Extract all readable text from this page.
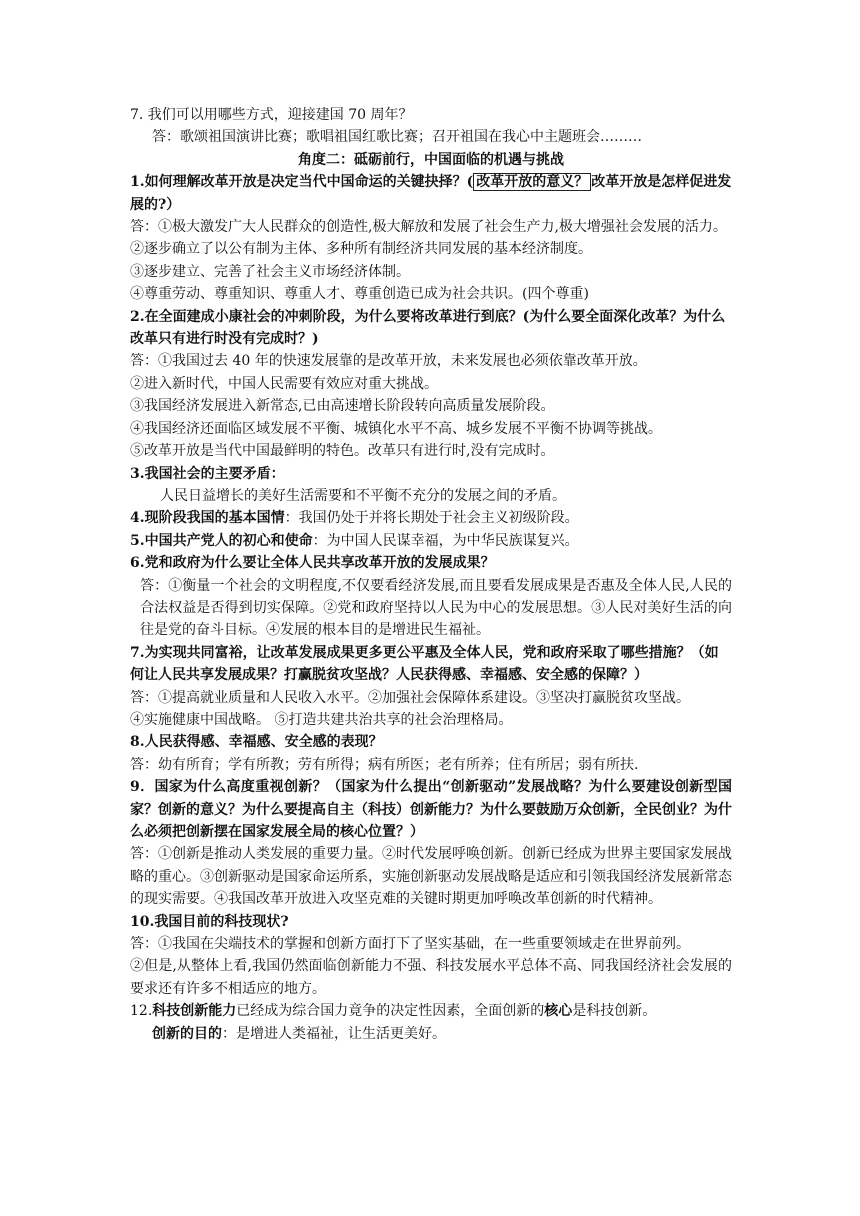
7. 我们可以用哪些方式，迎接建国 70 周年？

答：歌颂祖国演讲比赛；歌唱祖国红歌比赛；召开祖国在我心中主题班会………

角度二：砥砺前行，中国面临的机遇与挑战

1.如何理解改革开放是决定当代中国命运的关键抉择？( 改革开放的意义？ 改革开放是怎样促进发展的?）

答：①极大激发广大人民群众的创造性,极大解放和发展了社会生产力,极大增强社会发展的活力。

②逐步确立了以公有制为主体、多种所有制经济共同发展的基本经济制度。

③逐步建立、完善了社会主义市场经济体制。

④尊重劳动、尊重知识、尊重人才、尊重创造已成为社会共识。(四个尊重)

2.在全面建成小康社会的冲刺阶段，为什么要将改革进行到底？(为什么要全面深化改革？为什么改革只有进行时没有完成时？)

答：①我国过去 40 年的快速发展靠的是改革开放，未来发展也必须依靠改革开放。

②进入新时代，中国人民需要有效应对重大挑战。

③我国经济发展进入新常态,已由高速增长阶段转向高质量发展阶段。

④我国经济还面临区域发展不平衡、城镇化水平不高、城乡发展不平衡不协调等挑战。

⑤改革开放是当代中国最鲜明的特色。改革只有进行时,没有完成时。

3.我国社会的主要矛盾：

人民日益增长的美好生活需要和不平衡不充分的发展之间的矛盾。

4.现阶段我国的基本国情：我国仍处于并将长期处于社会主义初级阶段。

5.中国共产党人的初心和使命：为中国人民谋幸福，为中华民族谋复兴。

6.党和政府为什么要让全体人民共享改革开放的发展成果？

答：①衡量一个社会的文明程度,不仅要看经济发展,而且要看发展成果是否惠及全体人民,人民的合法权益是否得到切实保障。②党和政府坚持以人民为中心的发展思想。③人民对美好生活的向往是党的奋斗目标。④发展的根本目的是增进民生福祉。

7.为实现共同富裕，让改革发展成果更多更公平惠及全体人民，党和政府采取了哪些措施？（如何让人民共享发展成果？打赢脱贫攻坚战？人民获得感、幸福感、安全感的保障？）

答：①提高就业质量和人民收入水平。②加强社会保障体系建设。③坚决打赢脱贫攻坚战。

④实施健康中国战略。 ⑤打造共建共治共享的社会治理格局。

8.人民获得感、幸福感、安全感的表现？

答：幼有所育；学有所教；劳有所得；病有所医；老有所养；住有所居；弱有所扶.

9．国家为什么高度重视创新？（国家为什么提出“创新驱动”发展战略？为什么要建设创新型国家？创新的意义？为什么要提高自主（科技）创新能力？为什么要鼓励万众创新，全民创业？为什么必须把创新摆在国家发展全局的核心位置？）

答：①创新是推动人类发展的重要力量。②时代发展呼唤创新。创新已经成为世界主要国家发展战略的重心。③创新驱动是国家命运所系，实施创新驱动发展战略是适应和引领我国经济发展新常态的现实需要。④我国改革开放进入攻坚克难的关键时期更加呼唤改革创新的时代精神。

10.我国目前的科技现状?

答：①我国在尖端技术的掌握和创新方面打下了坚实基础，在一些重要领域走在世界前列。

②但是,从整体上看,我国仍然面临创新能力不强、科技发展水平总体不高、同我国经济社会发展的要求还有许多不相适应的地方。

12.科技创新能力已经成为综合国力竟争的决定性因素，全面创新的核心是科技创新。

创新的目的：是增进人类福祉，让生活更美好。
